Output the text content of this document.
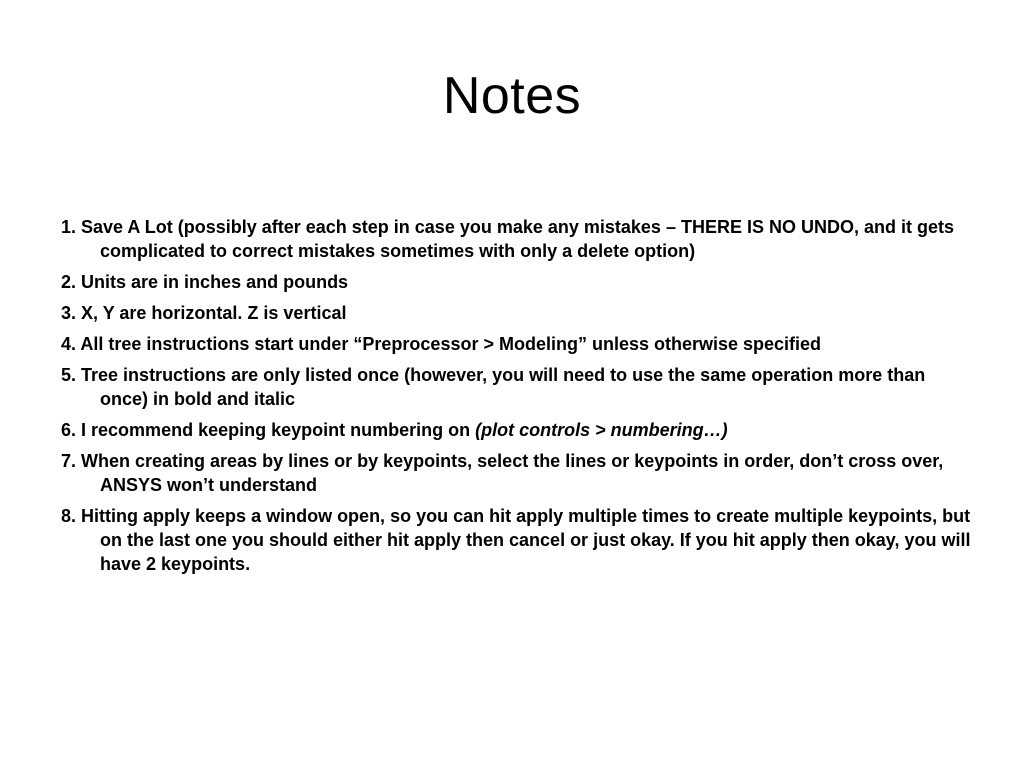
Notes
1. Save A Lot (possibly after each step in case you make any mistakes – THERE IS NO UNDO, and it gets complicated to correct mistakes sometimes with only a delete option)
2. Units are in inches and pounds
3. X, Y are horizontal. Z is vertical
4. All tree instructions start under “Preprocessor > Modeling” unless otherwise specified
5. Tree instructions are only listed once (however, you will need to use the same operation more than once) in bold and italic
6. I recommend keeping keypoint numbering on (plot controls > numbering…)
7. When creating areas by lines or by keypoints, select the lines or keypoints in order, don’t cross over, ANSYS won’t understand
8. Hitting apply keeps a window open, so you can hit apply multiple times to create multiple keypoints, but on the last one you should either hit apply then cancel or just okay. If you hit apply then okay, you will have 2 keypoints.
